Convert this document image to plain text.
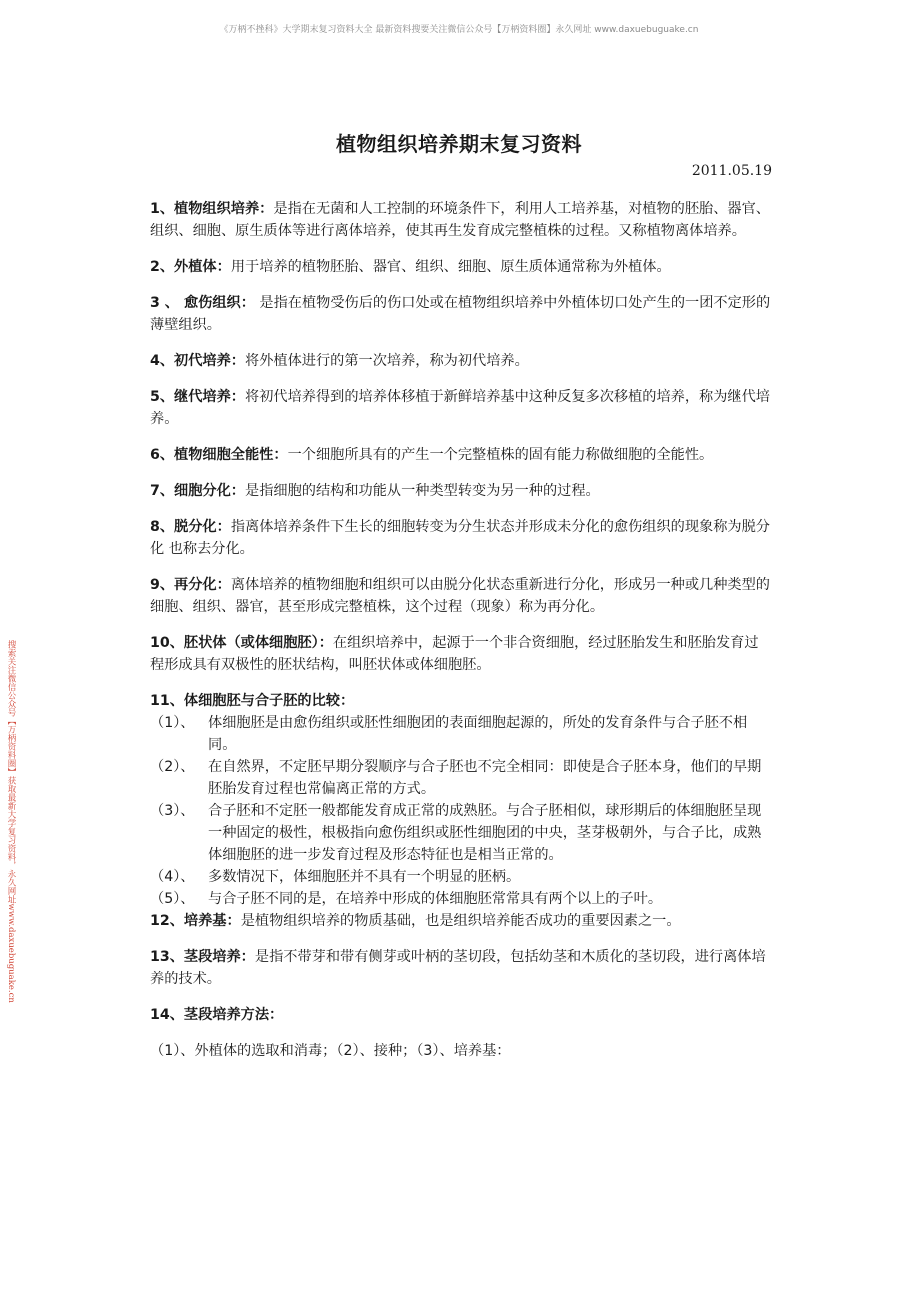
《万柄不挫科》大学期末复习资料大全 最新资料搜要关注微信公众号【万柄资料圈】永久网址 www.daxuebuguake.cn
搜索关注微信公众号【万柄资料圈】获取最新大学复习资料，永久网址www.daxuebuguake.cn
植物组织培养期末复习资料
2011.05.19

1、植物组织培养：是指在无菌和人工控制的环境条件下，利用人工培养基，对植物的胚胎、器官、组织、细胞、原生质体等进行离体培养，使其再生发育成完整植株的过程。又称植物离体培养。

2、外植体：用于培养的植物胚胎、器官、组织、细胞、原生质体通常称为外植体。

3 、 愈伤组织： 是指在植物受伤后的伤口处或在植物组织培养中外植体切口处产生的一团不定形的薄壁组织。

4、初代培养：将外植体进行的第一次培养，称为初代培养。

5、继代培养：将初代培养得到的培养体移植于新鲜培养基中这种反复多次移植的培养，称为继代培养。

6、植物细胞全能性：一个细胞所具有的产生一个完整植株的固有能力称做细胞的全能性。

7、细胞分化：是指细胞的结构和功能从一种类型转变为另一种的过程。

8、脱分化：指离体培养条件下生长的细胞转变为分生状态并形成未分化的愈伤组织的现象称为脱分化 也称去分化。

9、再分化：离体培养的植物细胞和组织可以由脱分化状态重新进行分化，形成另一种或几种类型的细胞、组织、器官，甚至形成完整植株，这个过程（现象）称为再分化。

10、胚状体（或体细胞胚）：在组织培养中，起源于一个非合资细胞，经过胚胎发生和胚胎发育过程形成具有双极性的胚状结构，叫胚状体或体细胞胚。

11、体细胞胚与合子胚的比较：

（1）、 体细胞胚是由愈伤组织或胚性细胞团的表面细胞起源的，所处的发育条件与合子胚不相同。
（2）、 在自然界，不定胚早期分裂顺序与合子胚也不完全相同：即使是合子胚本身，他们的早期胚胎发育过程也常偏离正常的方式。
（3）、 合子胚和不定胚一般都能发育成正常的成熟胚。与合子胚相似，球形期后的体细胞胚呈现一种固定的极性，根极指向愈伤组织或胚性细胞团的中央，茎芽极朝外，与合子比，成熟体细胞胚的进一步发育过程及形态特征也是相当正常的。
（4）、 多数情况下，体细胞胚并不具有一个明显的胚柄。
（5）、 与合子胚不同的是，在培养中形成的体细胞胚常常具有两个以上的子叶。

12、培养基：是植物组织培养的物质基础，也是组织培养能否成功的重要因素之一。

13、茎段培养：是指不带芽和带有侧芽或叶柄的茎切段，包括幼茎和木质化的茎切段，进行离体培养的技术。

14、茎段培养方法：

（1）、外植体的选取和消毒；（2）、接种；（3）、培养基：
